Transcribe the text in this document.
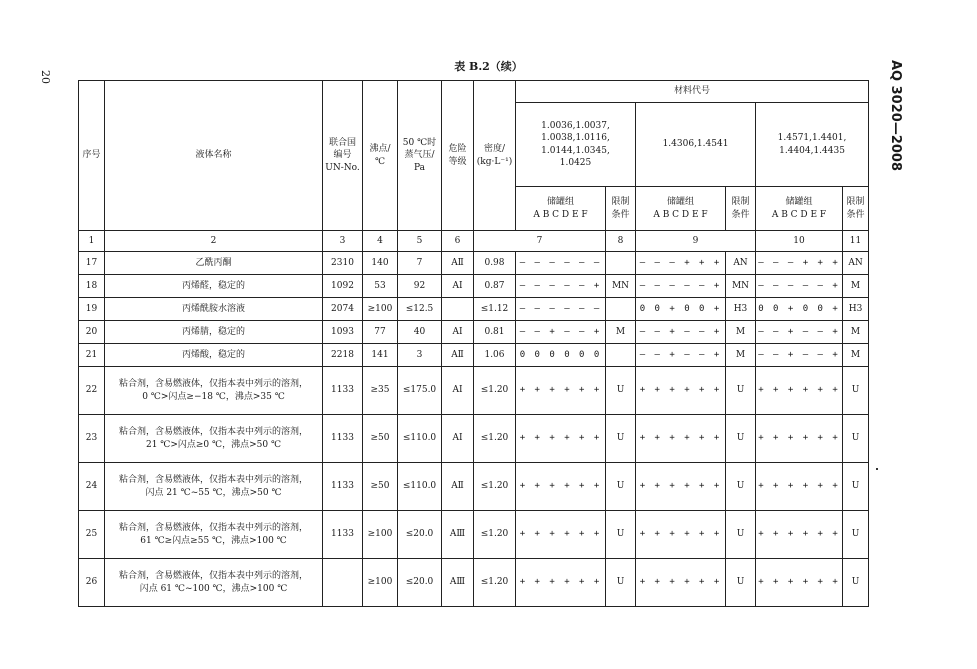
20	AQ 3020—2008
表 B.2（续）
序号	液体名称	联合国
编号
UN-No.	沸点/
℃	50 ℃时
蒸气压/
Pa	危险
等级	密度/
(kg·L⁻¹)	材料代号						
							1.0036,1.0037,
1.0038,1.0116,
1.0144,1.0345,
1.0425		1.4306,1.4541		1.4571,1.4401,
1.4404,1.4435		
							储罐组
A B C D E F	限制
条件	储罐组
A B C D E F	限制
条件	储罐组
A B C D E F	限制
条件	
1	2	3	4	5	6	7		8	9		10	11	
17	乙酰丙酮	2310	140	7	AⅡ	0.98	— — — — — —		— — — + + +	AN	— — — + + +	AN	
18	丙烯醛，稳定的	1092	53	92	AⅠ	0.87	— — — — — +	MN	— — — — — +	MN	— — — — — +	M	
19	丙烯酰胺水溶液	2074	≥100	≤12.5		≤1.12	— — — — — —		0 0 + 0 0 +	H3	0 0 + 0 0 +	H3	
20	丙烯腈，稳定的	1093	77	40	AⅠ	0.81	— — + — — +	M	— — + — — +	M	— — + — — +	M	
21	丙烯酸，稳定的	2218	141	3	AⅡ	1.06	0 0 0 0 0 0		— — + — — +	M	— — + — — +	M	
22	粘合剂，含易燃液体，仅指本表中列示的溶剂，
0 ℃>闪点≥−18 ℃，沸点>35 ℃	1133	≥35	≤175.0	AⅠ	≤1.20	+ + + + + +	U	+ + + + + +	U	+ + + + + +	U	
23	粘合剂，含易燃液体，仅指本表中列示的溶剂，
21 ℃>闪点≥0 ℃，沸点>50 ℃	1133	≥50	≤110.0	AⅠ	≤1.20	+ + + + + +	U	+ + + + + +	U	+ + + + + +	U	
24	粘合剂，含易燃液体，仅指本表中列示的溶剂，
闪点 21 ℃~55 ℃，沸点>50 ℃	1133	≥50	≤110.0	AⅡ	≤1.20	+ + + + + +	U	+ + + + + +	U	+ + + + + +	U	
25	粘合剂，含易燃液体，仅指本表中列示的溶剂，
61 ℃≥闪点≥55 ℃，沸点>100 ℃	1133	≥100	≤20.0	AⅢ	≤1.20	+ + + + + +	U	+ + + + + +	U	+ + + + + +	U	
26	粘合剂，含易燃液体，仅指本表中列示的溶剂，
闪点 61 ℃~100 ℃，沸点>100 ℃		≥100	≤20.0	AⅢ	≤1.20	+ + + + + +	U	+ + + + + +	U	+ + + + + +	U	
